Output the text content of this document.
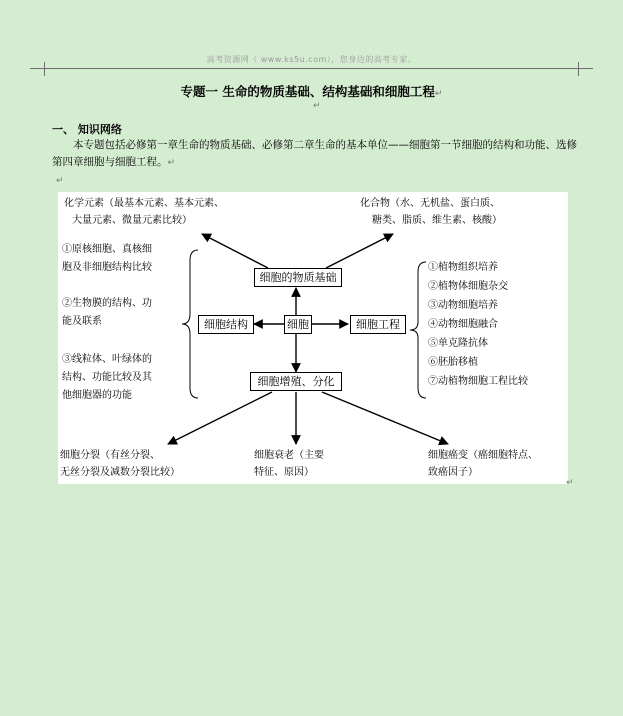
高考资源网（ www.ks5u.com），您身边的高考专家。
专题一 生命的物质基础、结构基础和细胞工程↵
↵
一、 知识网络
本专题包括必修第一章生命的物质基础、必修第二章生命的基本单位——细胞第一节细胞的结构和功能、选修第四章细胞与细胞工程。↵
↵
细胞的物质基础
细胞结构	细胞	细胞工程
细胞增殖、分化
化学元素（最基本元素、基本元素、
大量元素、微量元素比较）
化合物（水、无机盐、蛋白质、
糖类、脂质、维生素、核酸）
①原核细胞、真核细
胞及非细胞结构比较
②生物膜的结构、功
能及联系
③线粒体、叶绿体的
结构、功能比较及其
他细胞器的功能
①植物组织培养
②植物体细胞杂交
③动物细胞培养
④动物细胞融合
⑤单克隆抗体
⑥胚胎移植
⑦动植物细胞工程比较
细胞分裂（有丝分裂、
无丝分裂及减数分裂比较）
细胞衰老（主要
特征、原因）
细胞癌变（癌细胞特点、
致癌因子）
↵
